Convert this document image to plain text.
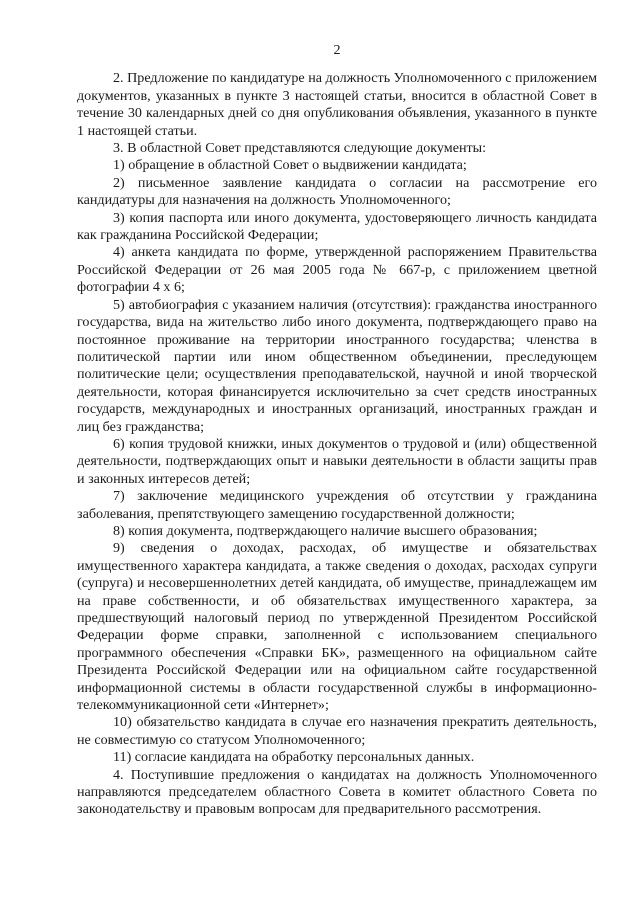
2

2. Предложение по кандидатуре на должность Уполномоченного с приложением документов, указанных в пункте 3 настоящей статьи, вносится в областной Совет в течение 30 календарных дней со дня опубликования объявления, указанного в пункте 1 настоящей статьи.

3. В областной Совет представляются следующие документы:

1) обращение в областной Совет о выдвижении кандидата;

2) письменное заявление кандидата о согласии на рассмотрение его кандидатуры для назначения на должность Уполномоченного;

3) копия паспорта или иного документа, удостоверяющего личность кандидата как гражданина Российской Федерации;

4) анкета кандидата по форме, утвержденной распоряжением Правительства Российской Федерации от 26 мая 2005 года № 667-р, с приложением цветной фотографии 4 х 6;

5) автобиография с указанием наличия (отсутствия): гражданства иностранного государства, вида на жительство либо иного документа, подтверждающего право на постоянное проживание на территории иностранного государства; членства в политической партии или ином общественном объединении, преследующем политические цели; осуществления преподавательской, научной и иной творческой деятельности, которая финансируется исключительно за счет средств иностранных государств, международных и иностранных организаций, иностранных граждан и лиц без гражданства;

6) копия трудовой книжки, иных документов о трудовой и (или) общественной деятельности, подтверждающих опыт и навыки деятельности в области защиты прав и законных интересов детей;

7) заключение медицинского учреждения об отсутствии у гражданина заболевания, препятствующего замещению государственной должности;

8) копия документа, подтверждающего наличие высшего образования;

9) сведения о доходах, расходах, об имуществе и обязательствах имущественного характера кандидата, а также сведения о доходах, расходах супруги (супруга) и несовершеннолетних детей кандидата, об имуществе, принадлежащем им на праве собственности, и об обязательствах имущественного характера, за предшествующий налоговый период по утвержденной Президентом Российской Федерации форме справки, заполненной с использованием специального программного обеспечения «Справки БК», размещенного на официальном сайте Президента Российской Федерации или на официальном сайте государственной информационной системы в области государственной службы в информационно-телекоммуникационной сети «Интернет»;

10) обязательство кандидата в случае его назначения прекратить деятельность, не совместимую со статусом Уполномоченного;

11) согласие кандидата на обработку персональных данных.

4. Поступившие предложения о кандидатах на должность Уполномоченного направляются председателем областного Совета в комитет областного Совета по законодательству и правовым вопросам для предварительного рассмотрения.
